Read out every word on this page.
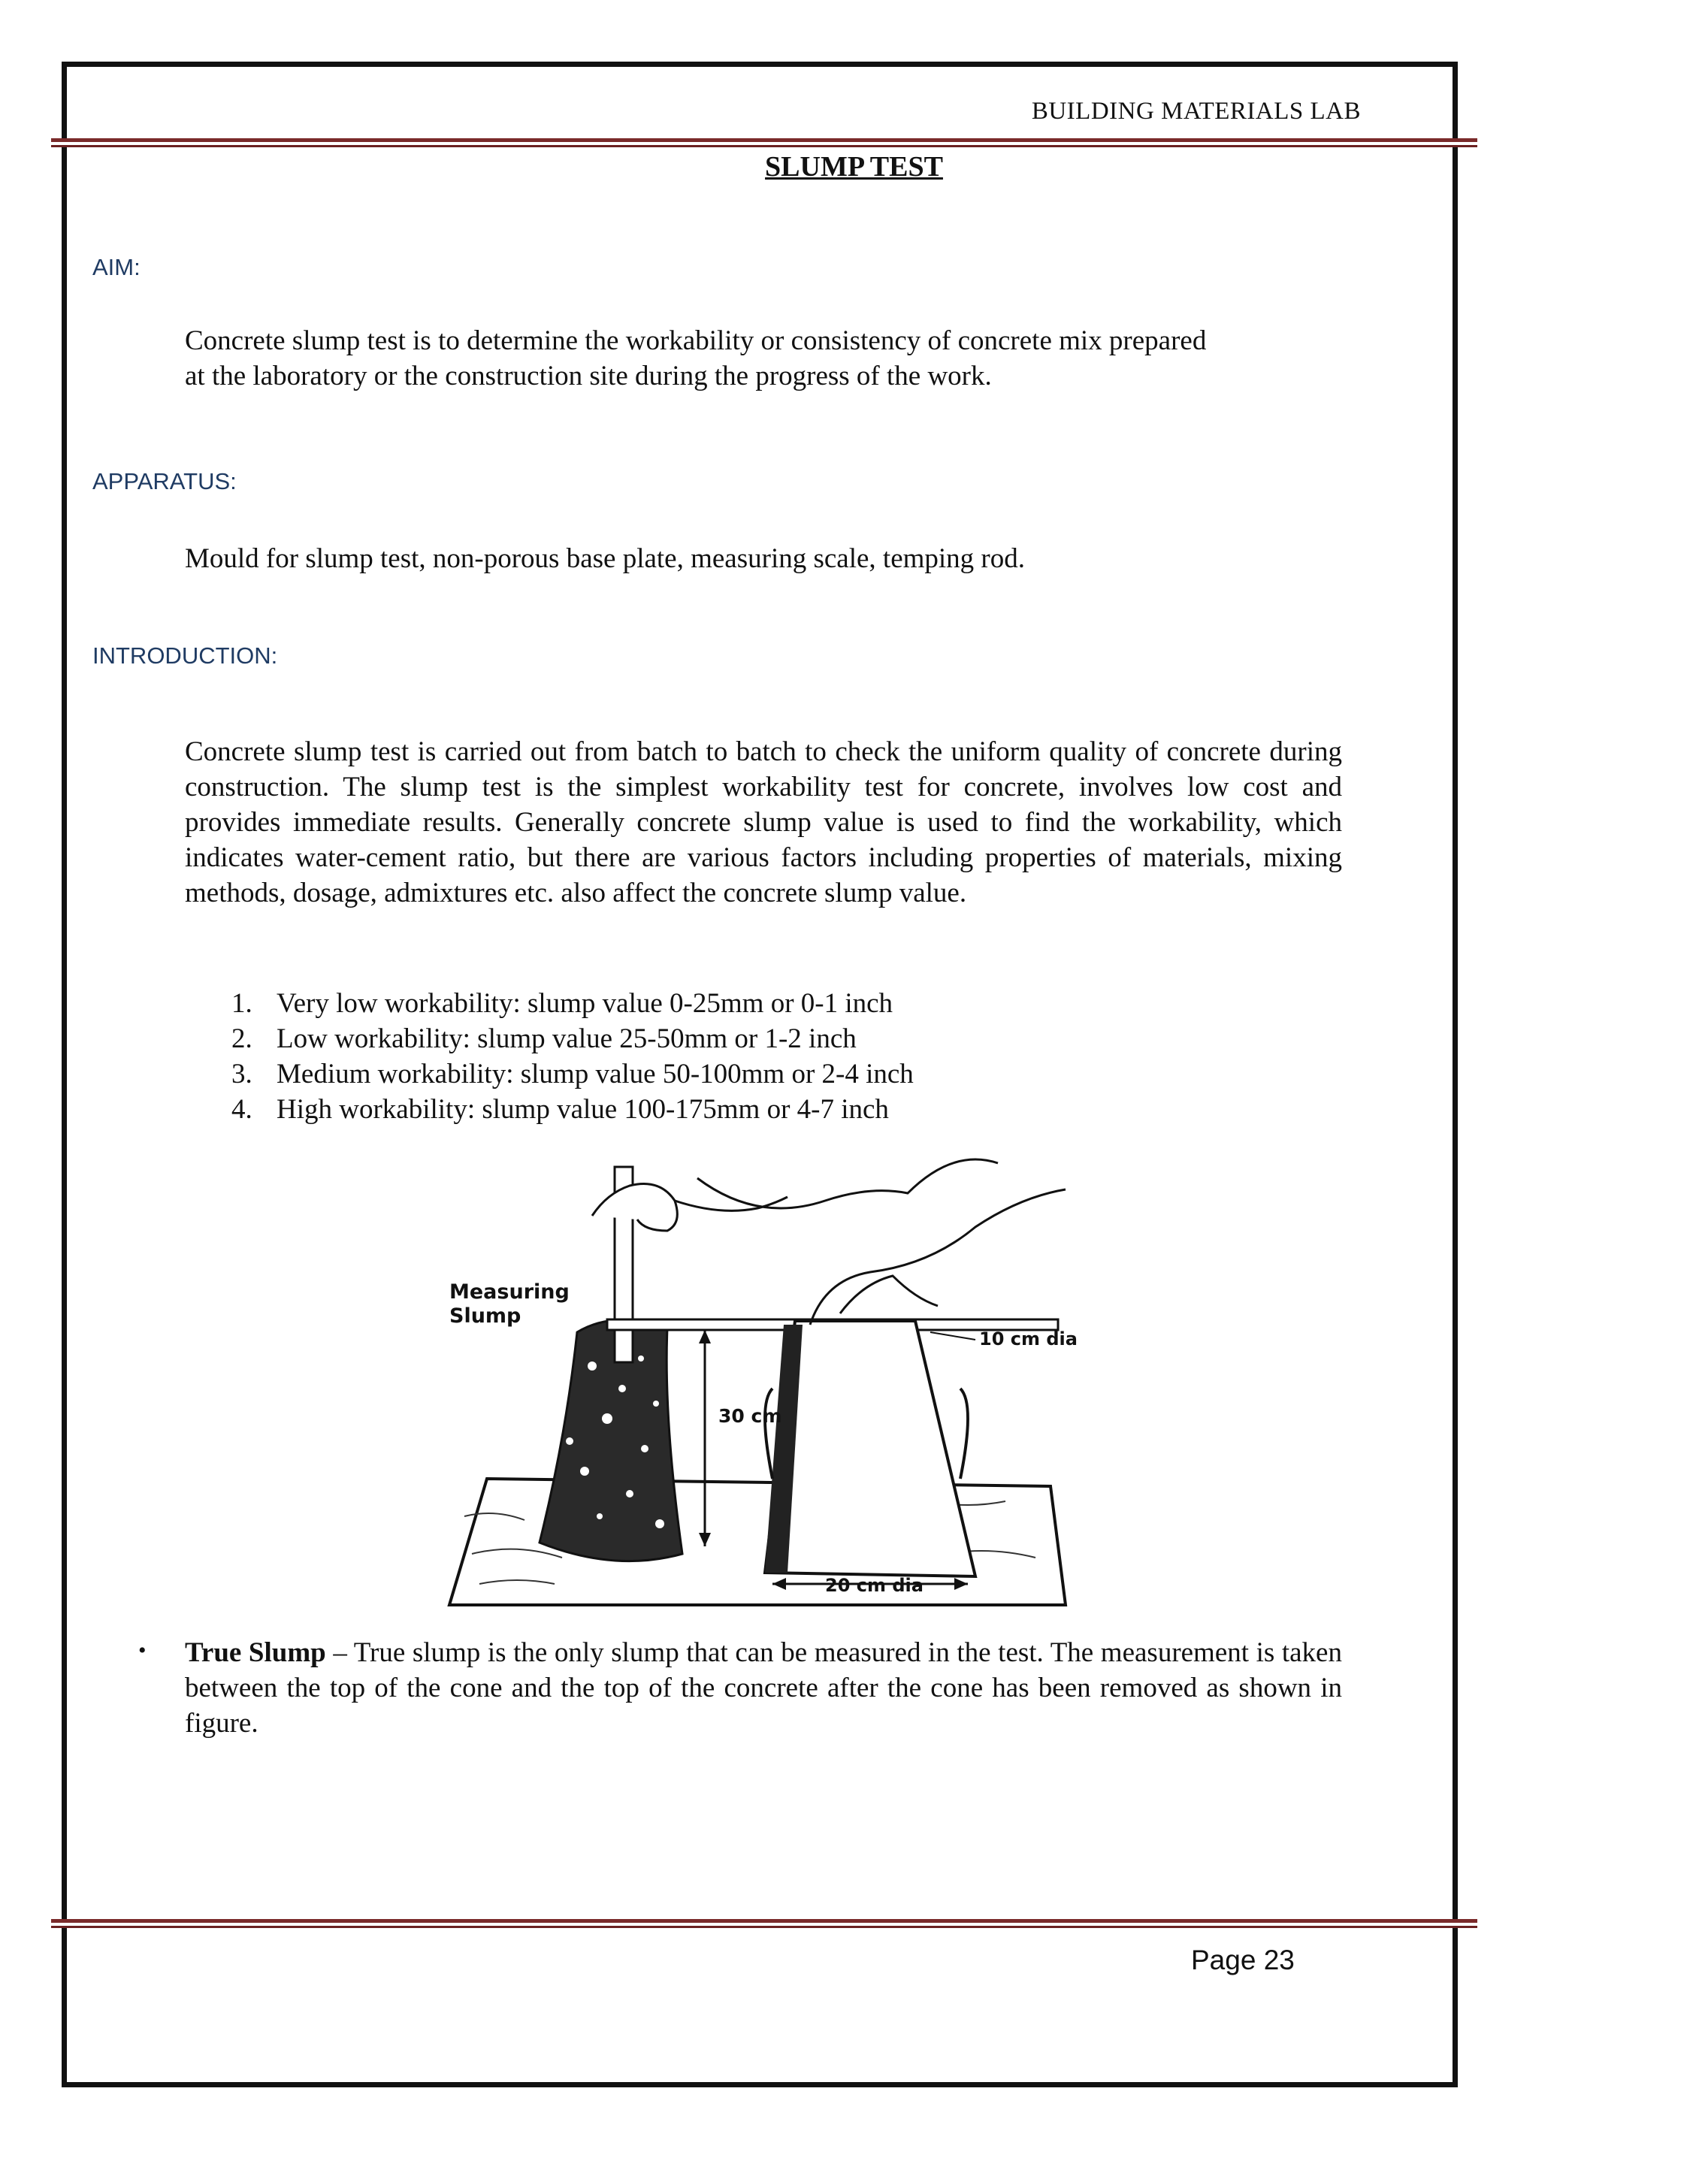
BUILDING MATERIALS LAB
SLUMP TEST
AIM:
Concrete slump test is to determine the workability or consistency of concrete mix prepared
at the laboratory or the construction site during the progress of the work.
APPARATUS:
Mould for slump test, non-porous base plate, measuring scale, temping rod.
INTRODUCTION:
Concrete slump test is carried out from batch to batch to check the uniform quality of concrete during construction. The slump test is the simplest workability test for concrete, involves low cost and provides immediate results. Generally concrete slump value is used to find the workability, which indicates water-cement ratio, but there are various factors including properties of materials, mixing methods, dosage, admixtures etc. also affect the concrete slump value.
1. Very low workability: slump value 0-25mm or 0-1 inch
2. Low workability: slump value 25-50mm or 1-2 inch
3. Medium workability: slump value 50-100mm or 2-4 inch
4. High workability: slump value 100-175mm or 4-7 inch
Measuring
Slump
30 cm
10 cm dia
20 cm dia
• True Slump – True slump is the only slump that can be measured in the test. The measurement is taken between the top of the cone and the top of the concrete after the cone has been removed as shown in figure.
Page 23
